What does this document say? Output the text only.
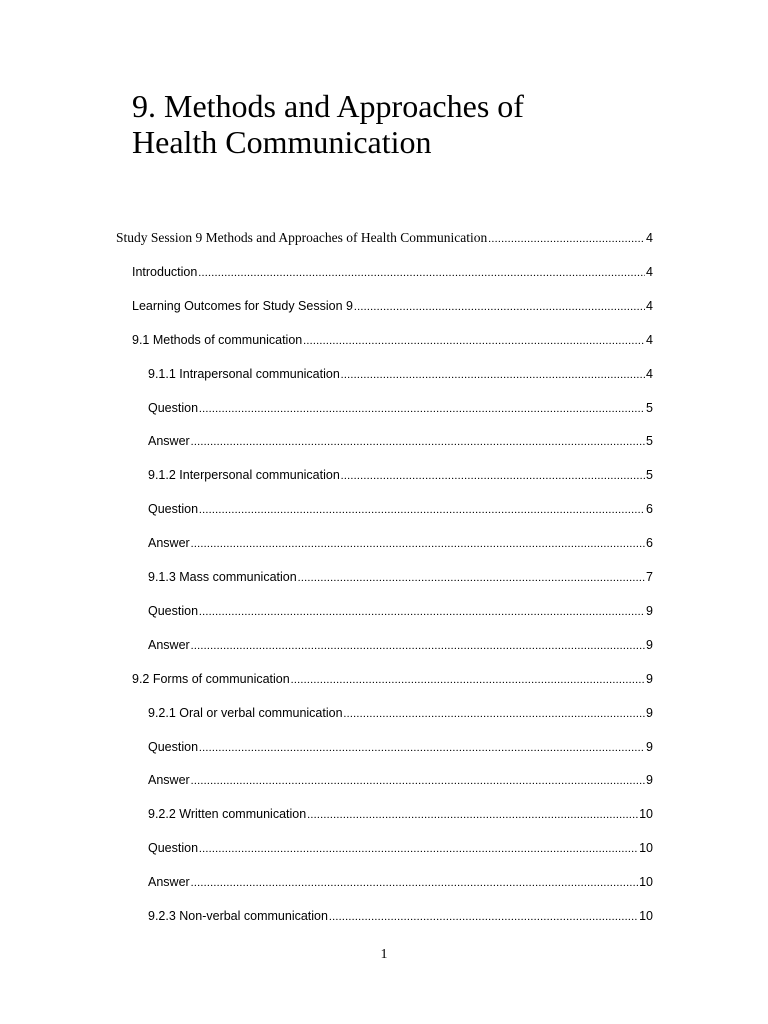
9. Methods and Approaches of
Health Communication
Study Session 9 Methods and Approaches of Health Communication .....	4
Introduction .....	4
Learning Outcomes for Study Session 9 .....	4
9.1 Methods of communication .....	4
9.1.1 Intrapersonal communication .....	4
Question .....	5
Answer .....	5
9.1.2 Interpersonal communication .....	5
Question .....	6
Answer .....	6
9.1.3 Mass communication .....	7
Question .....	9
Answer .....	9
9.2 Forms of communication .....	9
9.2.1 Oral or verbal communication .....	9
Question .....	9
Answer .....	9
9.2.2 Written communication .....	10
Question .....	10
Answer .....	10
9.2.3 Non-verbal communication .....	10
1
